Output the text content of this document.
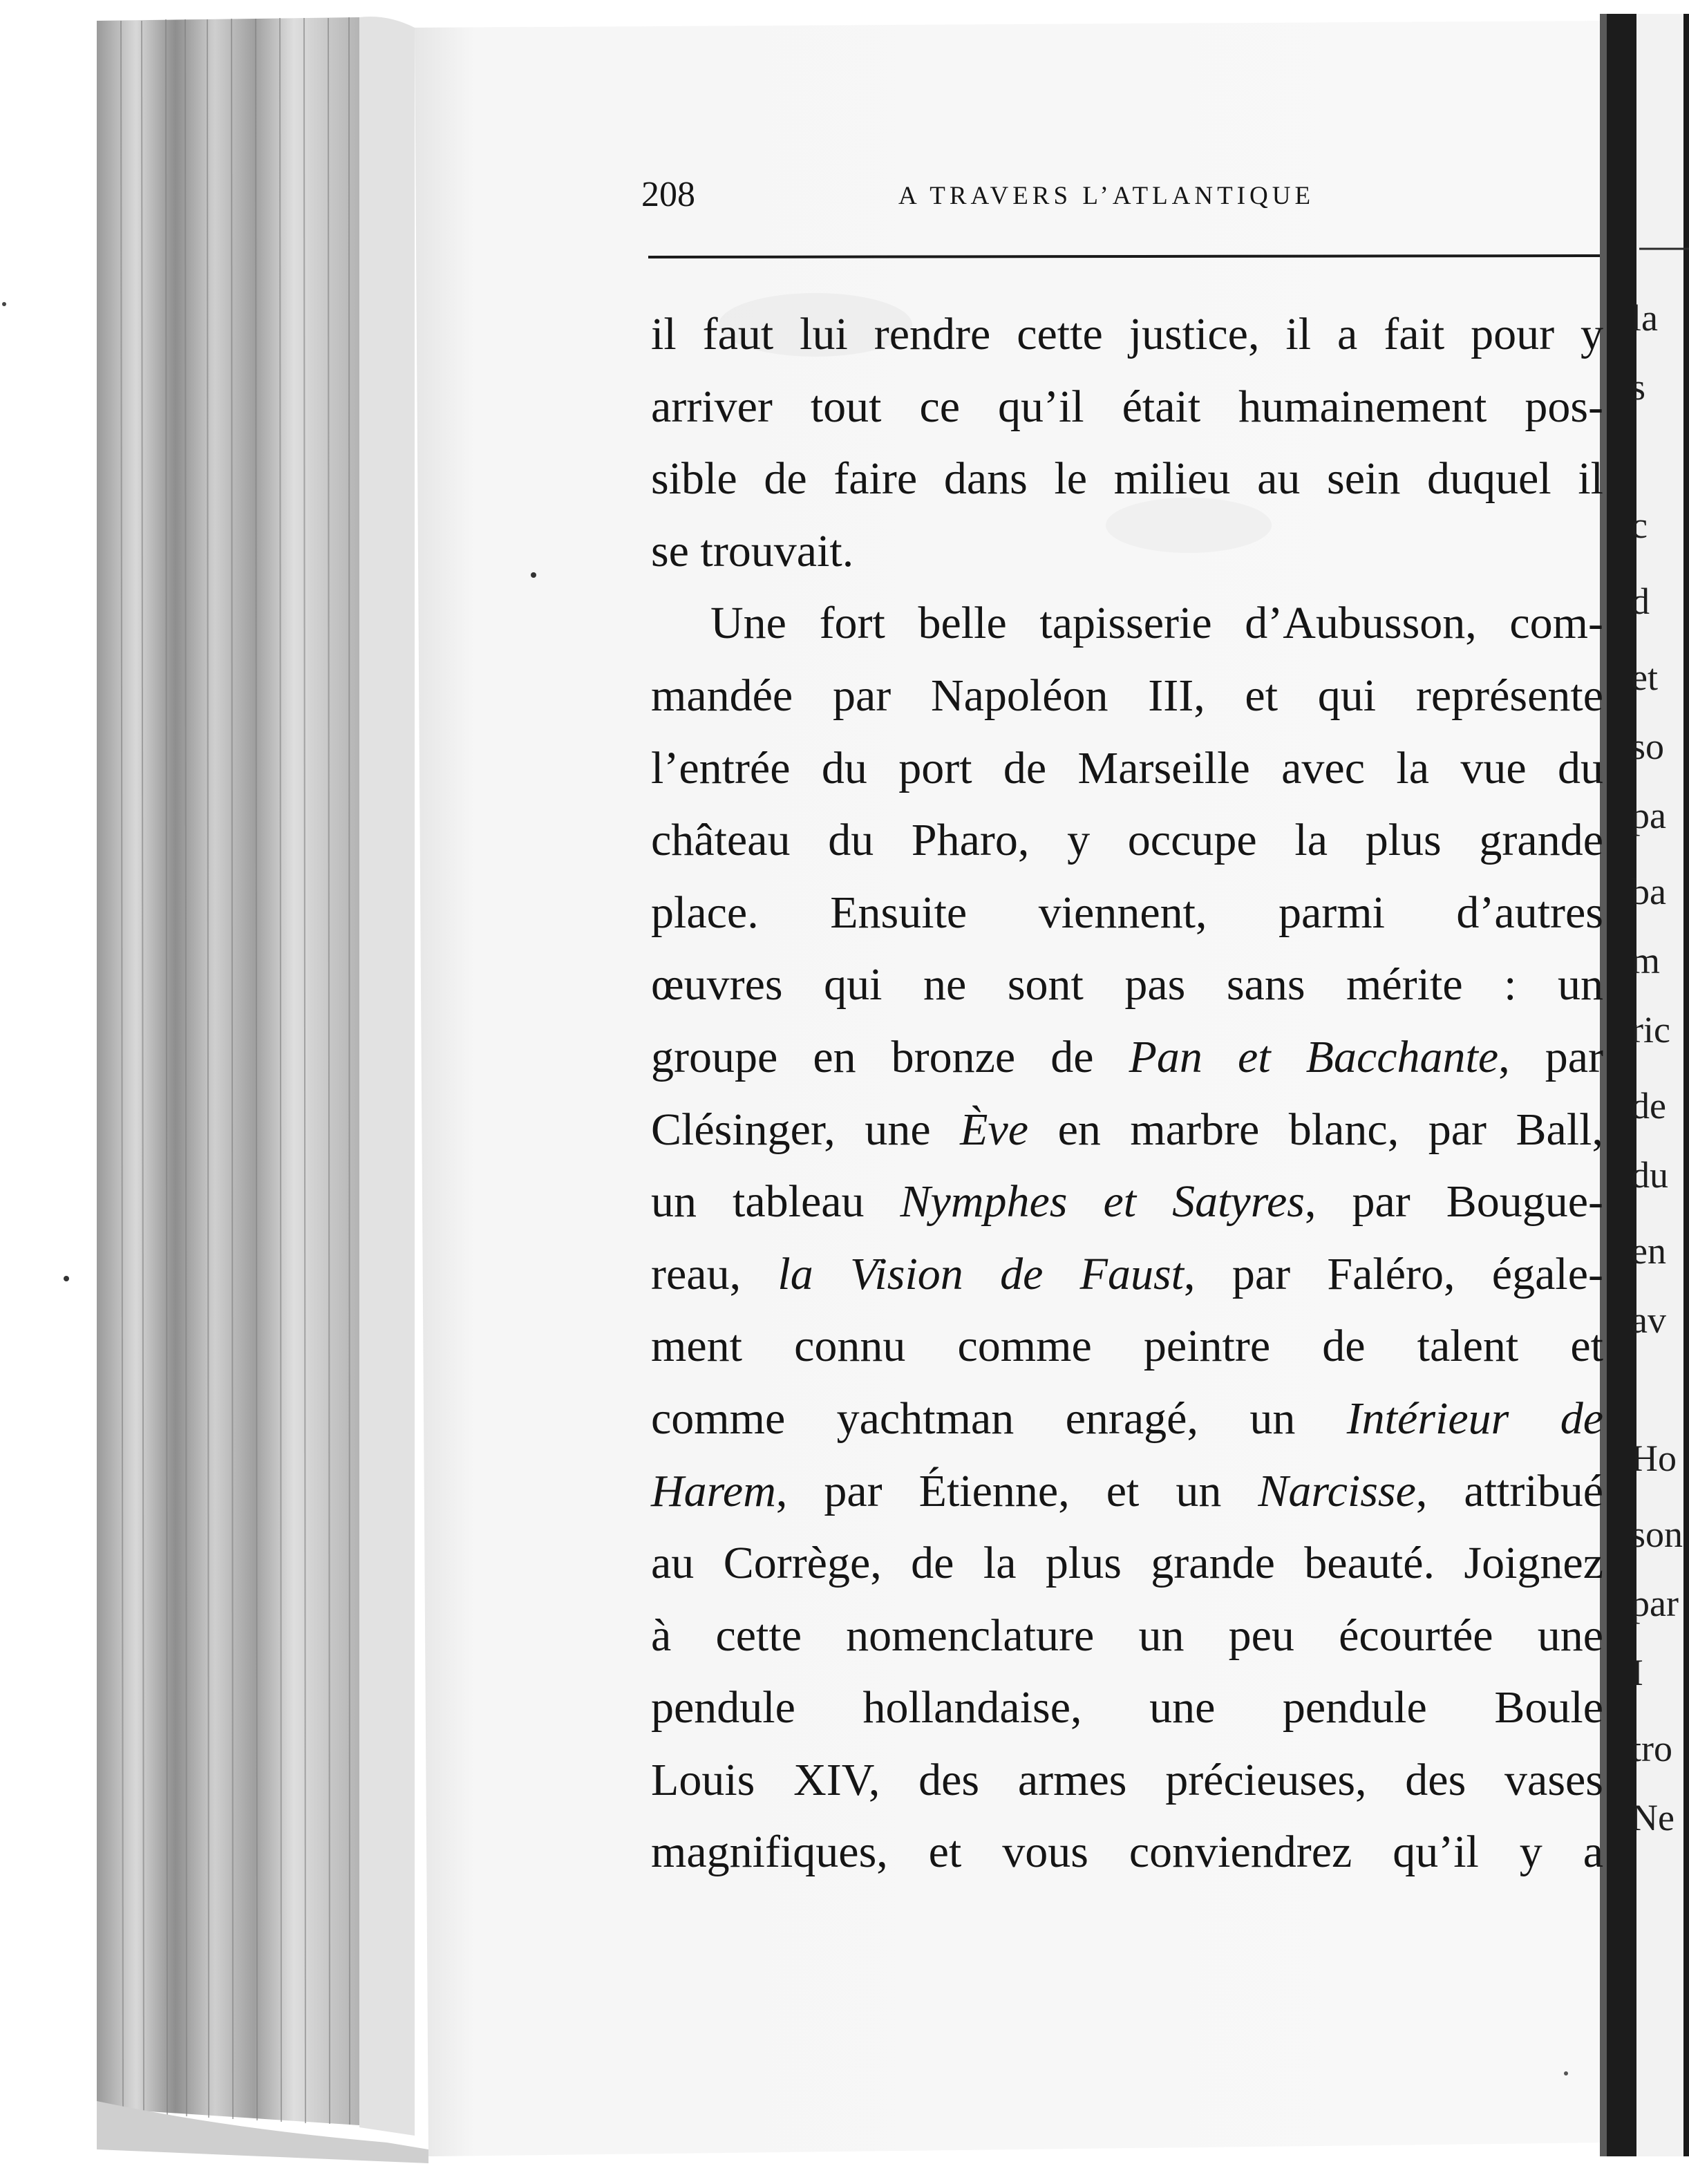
208	A TRAVERS L’ATLANTIQUE
il faut lui rendre cette justice, il a fait pour y
arriver tout ce qu’il était humainement pos-
sible de faire dans le milieu au sein duquel il
se trouvait.
Une fort belle tapisserie d’Aubusson, com-
mandée par Napoléon III, et qui représente
l’entrée du port de Marseille avec la vue du
château du Pharo, y occupe la plus grande
place. Ensuite viennent, parmi d’autres
œuvres qui ne sont pas sans mérite : un
groupe en bronze de Pan et Bacchante, par
Clésinger, une Ève en marbre blanc, par Ball,
un tableau Nymphes et Satyres, par Bougue-
reau, la Vision de Faust, par Faléro, égale-
ment connu comme peintre de talent et
comme yachtman enragé, un Intérieur de
Harem, par Étienne, et un Narcisse, attribué
au Corrège, de la plus grande beauté. Joignez
à cette nomenclature un peu écourtée une
pendule hollandaise, une pendule Boule
Louis XIV, des armes précieuses, des vases
magnifiques, et vous conviendrez qu’il y a
la
s
c
d
et
so
pa
ba
m
ric
de
du
en
av
Ho
son
par
I
tro
Ne
